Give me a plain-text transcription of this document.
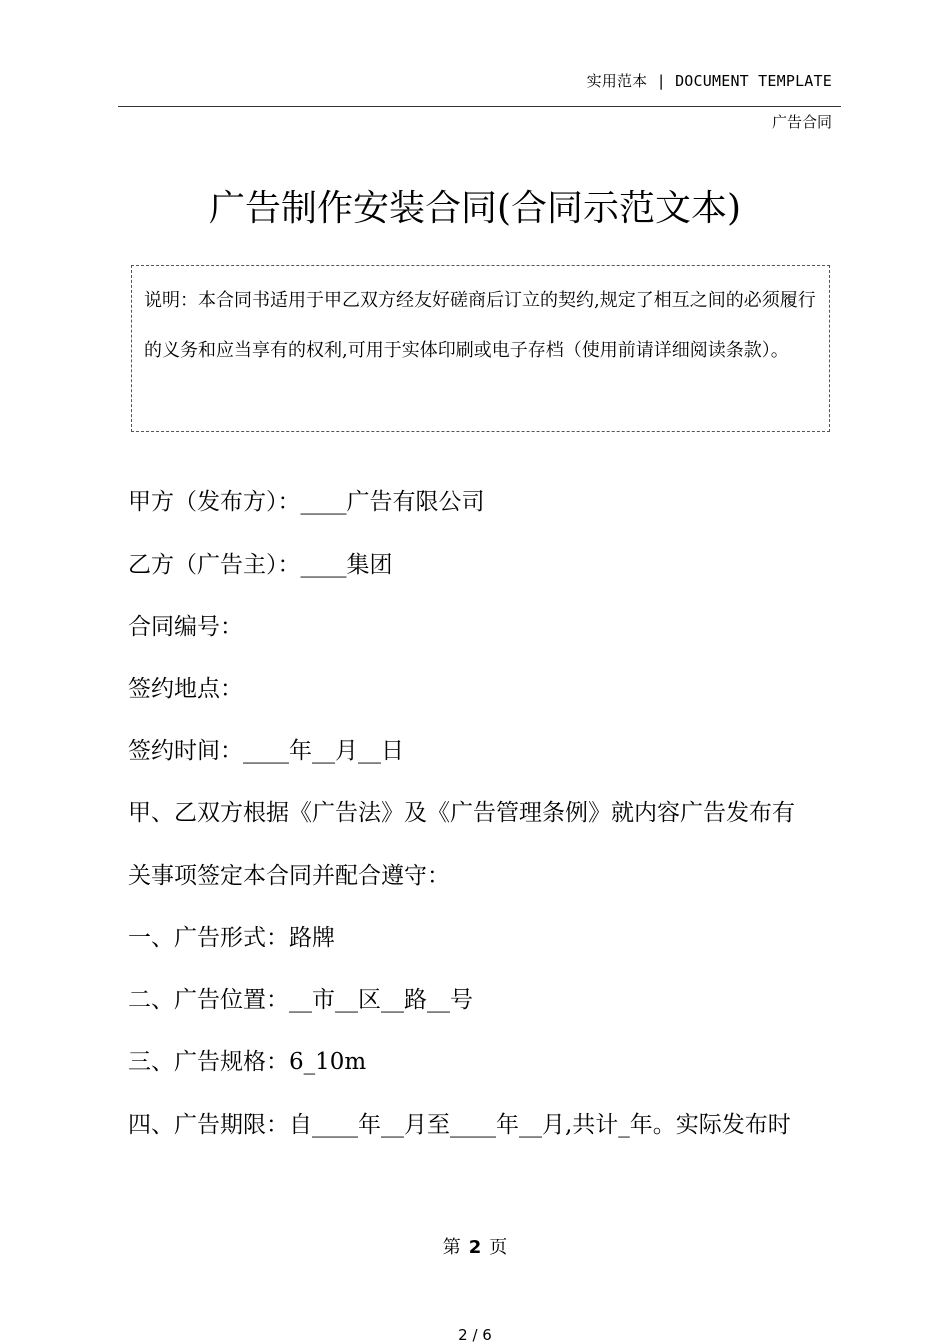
实用范本 | DOCUMENT TEMPLATE
广告合同
广告制作安装合同(合同示范文本)
说明：本合同书适用于甲乙双方经友好磋商后订立的契约,规定了相互之间的必须履行的义务和应当享有的权利,可用于实体印刷或电子存档（使用前请详细阅读条款）。
甲方（发布方）：____广告有限公司
乙方（广告主）：____集团
合同编号：
签约地点：
签约时间：____年__月__日
甲、乙双方根据《广告法》及《广告管理条例》就内容广告发布有
关事项签定本合同并配合遵守：
一、广告形式：路牌
二、广告位置：__市__区__路__号
三、广告规格：6_10m
四、广告期限：自____年__月至____年__月,共计_年。实际发布时
第 2 页
2 / 6
